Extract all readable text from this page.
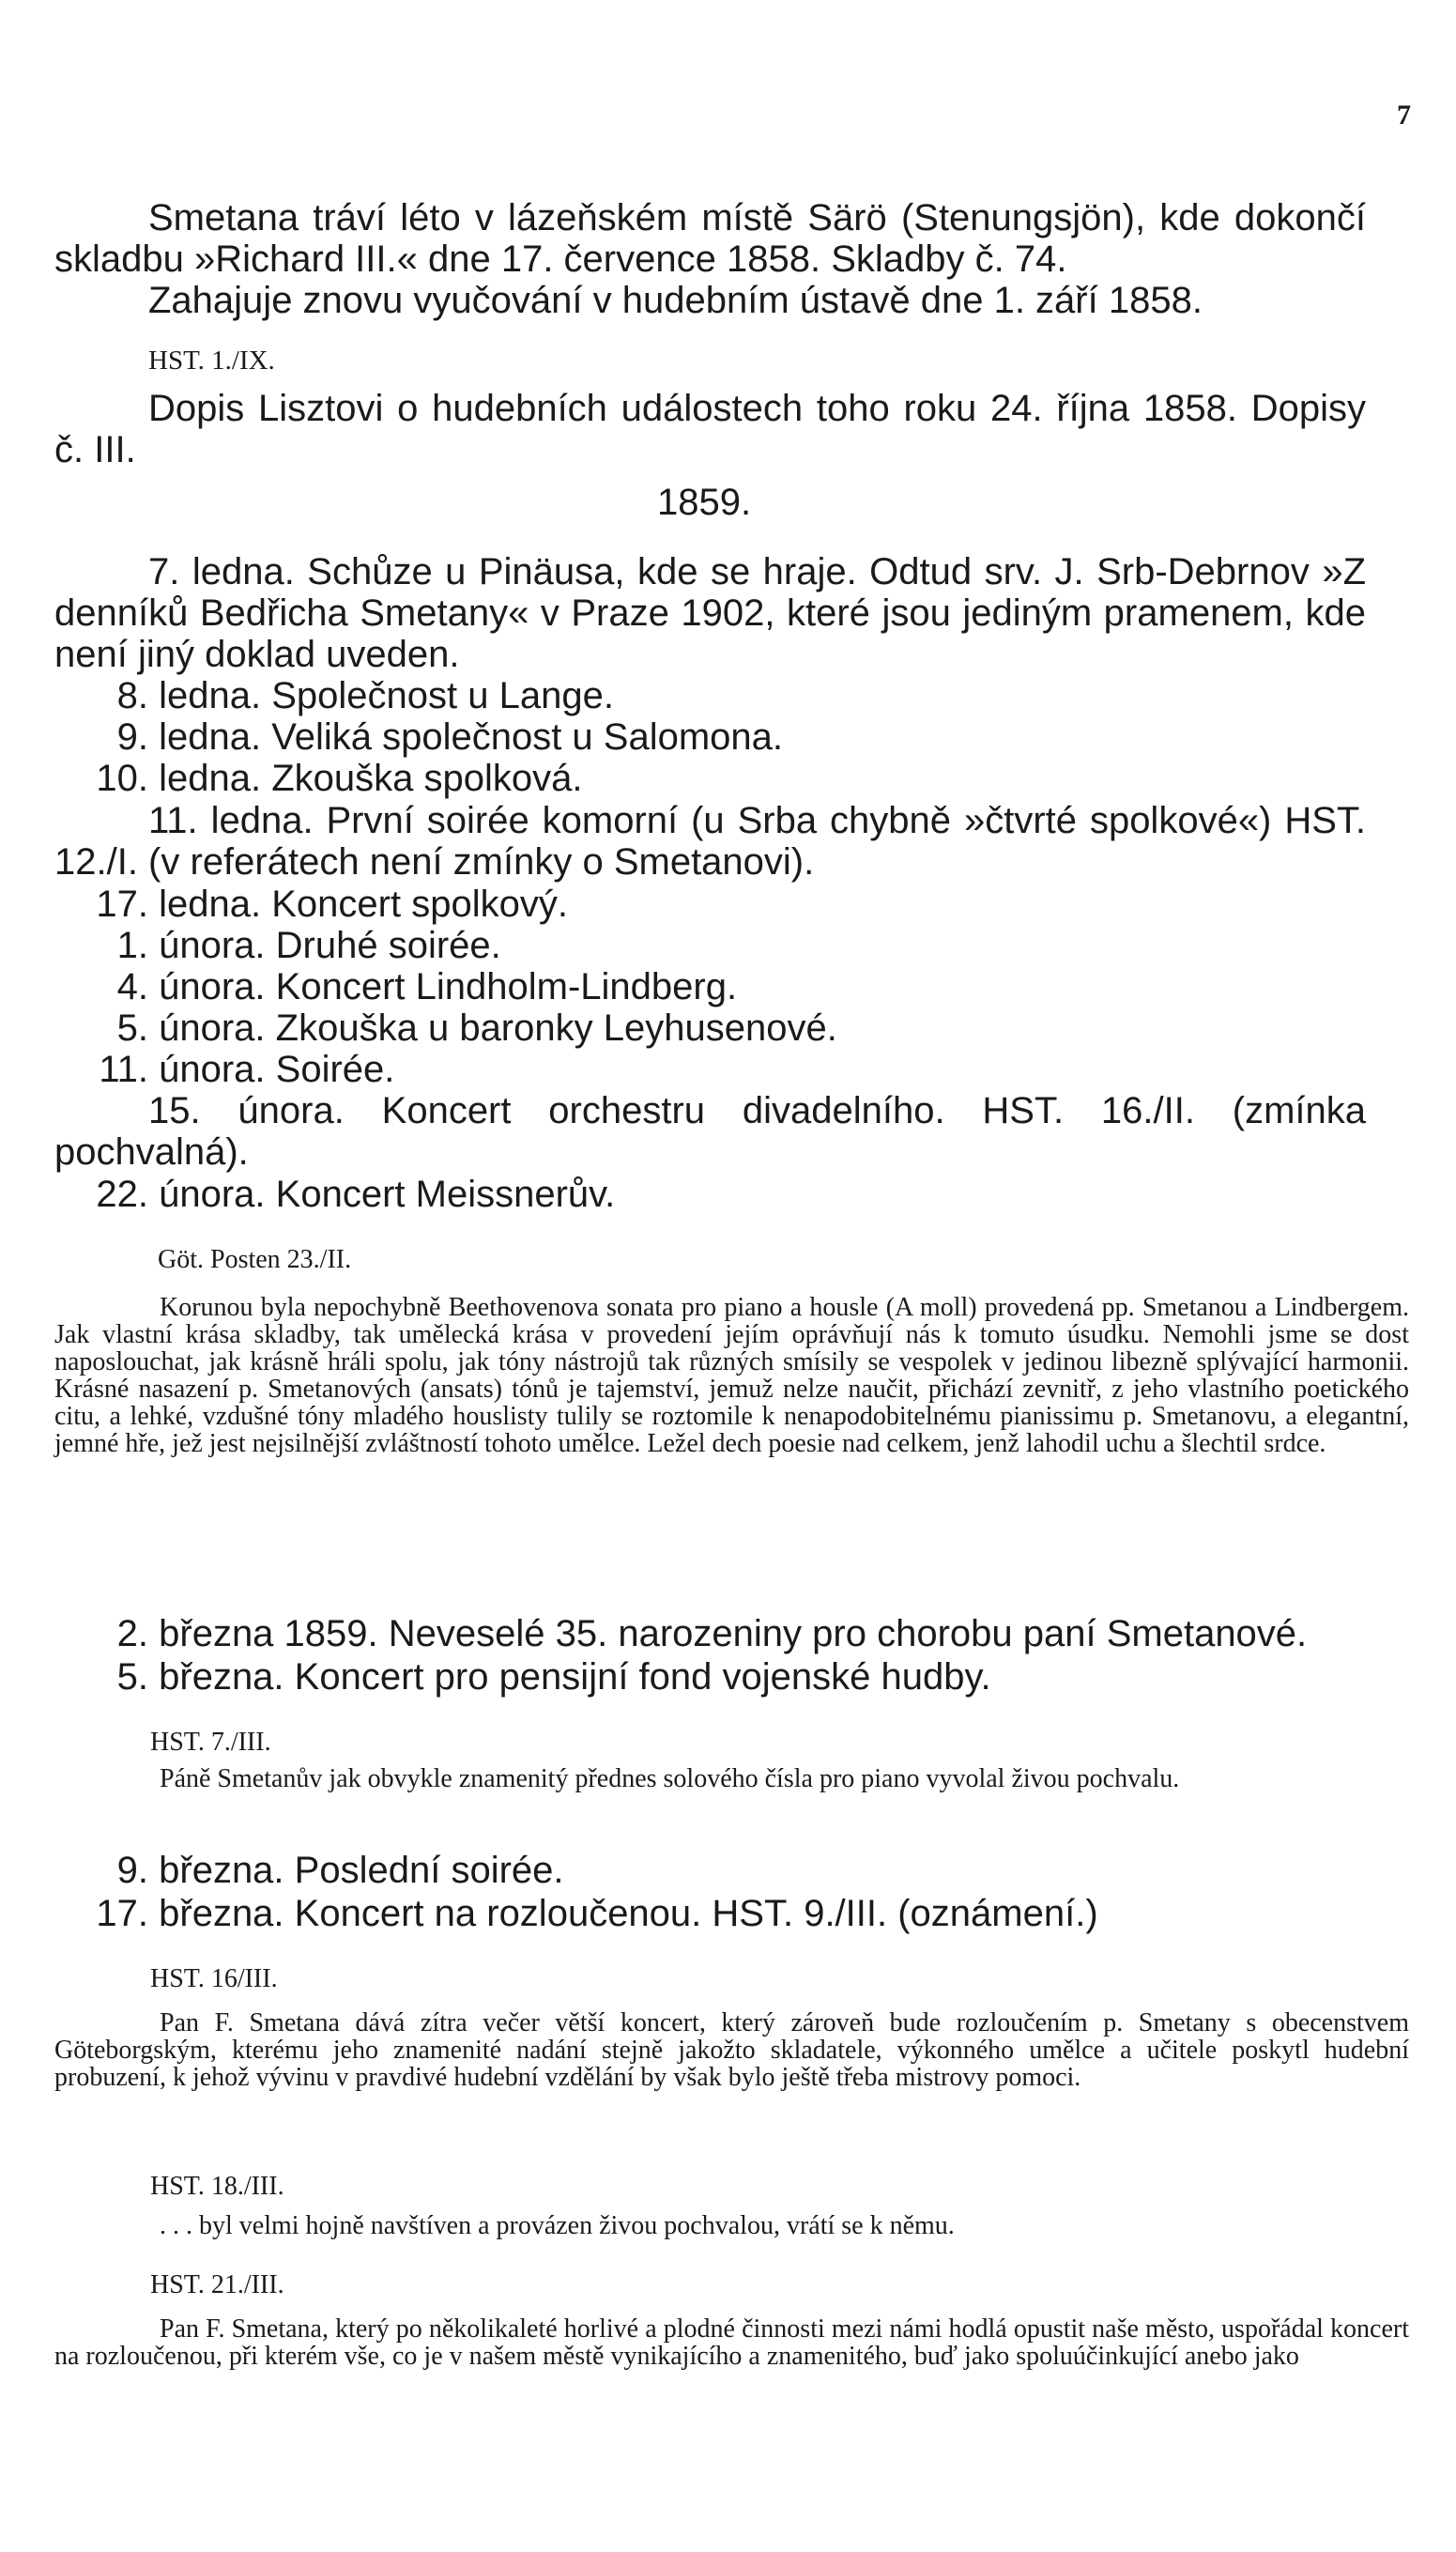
7

Smetana tráví léto v lázeňském místě Särö (Stenungsjön), kde dokončí skladbu »Richard III.« dne 17. července 1858. Skladby č. 74.

Zahajuje znovu vyučování v hudebním ústavě dne 1. září 1858.

HST. 1./IX.

Dopis Lisztovi o hudebních událostech toho roku 24. října 1858. Dopisy č. III.

1859.

7. ledna. Schůze u Pinäusa, kde se hraje. Odtud srv. J. Srb-Debrnov »Z denníků Bedřicha Smetany« v Praze 1902, které jsou jediným pramenem, kde není jiný doklad uveden.

8. ledna. Společnost u Lange.
9. ledna. Veliká společnost u Salomona.
10. ledna. Zkouška spolková.

11. ledna. První soirée komorní (u Srba chybně »čtvrté spolkové«) HST. 12./I. (v referátech není zmínky o Smetanovi).

17. ledna. Koncert spolkový.
1. února. Druhé soirée.
4. února. Koncert Lindholm-Lindberg.
5. února. Zkouška u baronky Leyhusenové.
11. února. Soirée.

15. února. Koncert orchestru divadelního. HST. 16./II. (zmínka pochvalná).

22. února. Koncert Meissnerův.
Göt. Posten 23./II.
Korunou byla nepochybně Beethovenova sonata pro piano a housle (A moll) provedená pp. Smetanou a Lindbergem. Jak vlastní krása skladby, tak umělecká krása v provedení jejím oprávňují nás k tomuto úsudku. Nemohli jsme se dost naposlouchat, jak krásně hráli spolu, jak tóny nástrojů tak různých smísily se vespolek v jedinou libezně splývající harmonii. Krásné nasazení p. Smetanových (ansats) tónů je tajemství, jemuž nelze naučit, přichází zevnitř, z jeho vlastního poetického citu, a lehké, vzdušné tóny mladého houslisty tulily se roztomile k nenapodobitelnému pianissimu p. Smetanovu, a elegantní, jemné hře, jež jest nejsilnější zvláštností tohoto umělce. Ležel dech poesie nad celkem, jenž lahodil uchu a šlechtil srdce.
2. března 1859. Neveselé 35. narozeniny pro chorobu paní Smetanové.
5. března. Koncert pro pensijní fond vojenské hudby.
HST. 7./III.
Páně Smetanův jak obvykle znamenitý přednes solového čísla pro piano vyvolal živou pochvalu.
9. března. Poslední soirée.
17. března. Koncert na rozloučenou. HST. 9./III. (oznámení.)
HST. 16/III.
Pan F. Smetana dává zítra večer větší koncert, který zároveň bude rozloučením p. Smetany s obecenstvem Göteborgským, kterému jeho znamenité nadání stejně jakožto skladatele, výkonného umělce a učitele poskytl hudební probuzení, k jehož vývinu v pravdivé hudební vzdělání by však bylo ještě třeba mistrovy pomoci.
HST. 18./III.
. . . byl velmi hojně navštíven a provázen živou pochvalou, vrátí se k němu.
HST. 21./III.
Pan F. Smetana, který po několikaleté horlivé a plodné činnosti mezi námi hodlá opustit naše město, uspořádal koncert na rozloučenou, při kterém vše, co je v našem městě vynikajícího a znamenitého, buď jako spoluúčinkující anebo jako
